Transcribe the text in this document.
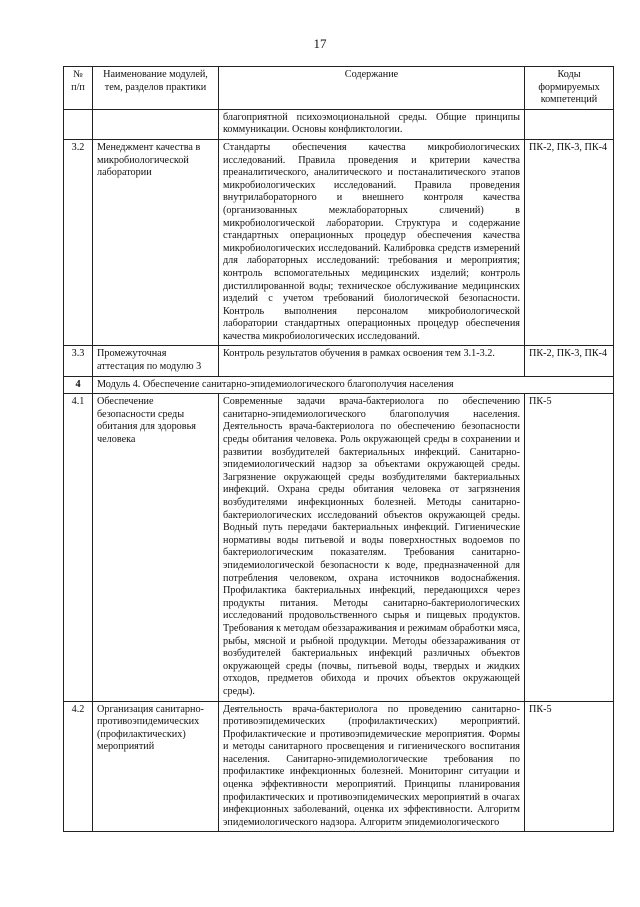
17
№ п/п	Наименование модулей, тем, разделов практики	Содержание	Коды формируемых компетенций
		благоприятной психоэмоциональной среды. Общие принципы коммуникации. Основы конфликтологии.	
3.2	Менеджмент качества в микробиологической лаборатории	Стандарты обеспечения качества микробиологических исследований. Правила проведения и критерии качества преаналитического, аналитического и постаналитического этапов микробиологических исследований. Правила проведения внутрилабораторного и внешнего контроля качества (организованных межлабораторных сличений) в микробиологической лаборатории. Структура и содержание стандартных операционных процедур обеспечения качества микробиологических исследований. Калибровка средств измерений для лабораторных исследований: требования и мероприятия; контроль вспомогательных медицинских изделий; контроль дистиллированной воды; техническое обслуживание медицинских изделий с учетом требований биологической безопасности. Контроль выполнения персоналом микробиологической лаборатории стандартных операционных процедур обеспечения качества микробиологических исследований.	ПК-2, ПК-3, ПК-4
3.3	Промежуточная аттестация по модулю 3	Контроль результатов обучения в рамках освоения тем 3.1-3.2.	ПК-2, ПК-3, ПК-4
4	Модуль 4. Обеспечение санитарно-эпидемиологического благополучия населения		
4.1	Обеспечение безопасности среды обитания для здоровья человека	Современные задачи врача-бактериолога по обеспечению санитарно-эпидемиологического благополучия населения. Деятельность врача-бактериолога по обеспечению безопасности среды обитания человека. Роль окружающей среды в сохранении и развитии возбудителей бактериальных инфекций. Санитарно-эпидемиологический надзор за объектами окружающей среды. Загрязнение окружающей среды возбудителями бактериальных инфекций. Охрана среды обитания человека от загрязнения возбудителями инфекционных болезней. Методы санитарно-бактериологических исследований объектов окружающей среды. Водный путь передачи бактериальных инфекций. Гигиенические нормативы воды питьевой и воды поверхностных водоемов по бактериологическим показателям. Требования санитарно-эпидемиологической безопасности к воде, предназначенной для потребления человеком, охрана источников водоснабжения. Профилактика бактериальных инфекций, передающихся через продукты питания. Методы санитарно-бактериологических исследований продовольственного сырья и пищевых продуктов. Требования к методам обеззараживания и режимам обработки мяса, рыбы, мясной и рыбной продукции. Методы обеззараживания от возбудителей бактериальных инфекций различных объектов окружающей среды (почвы, питьевой воды, твердых и жидких отходов, предметов обихода и прочих объектов окружающей среды).	ПК-5
4.2	Организация санитарно-противоэпидемических (профилактических) мероприятий	Деятельность врача-бактериолога по проведению санитарно-противоэпидемических (профилактических) мероприятий. Профилактические и противоэпидемические мероприятия. Формы и методы санитарного просвещения и гигиенического воспитания населения. Санитарно-эпидемиологические требования по профилактике инфекционных болезней. Мониторинг ситуации и оценка эффективности мероприятий. Принципы планирования профилактических и противоэпидемических мероприятий в очагах инфекционных заболеваний, оценка их эффективности. Алгоритм эпидемиологического надзора. Алгоритм эпидемиологического	ПК-5
